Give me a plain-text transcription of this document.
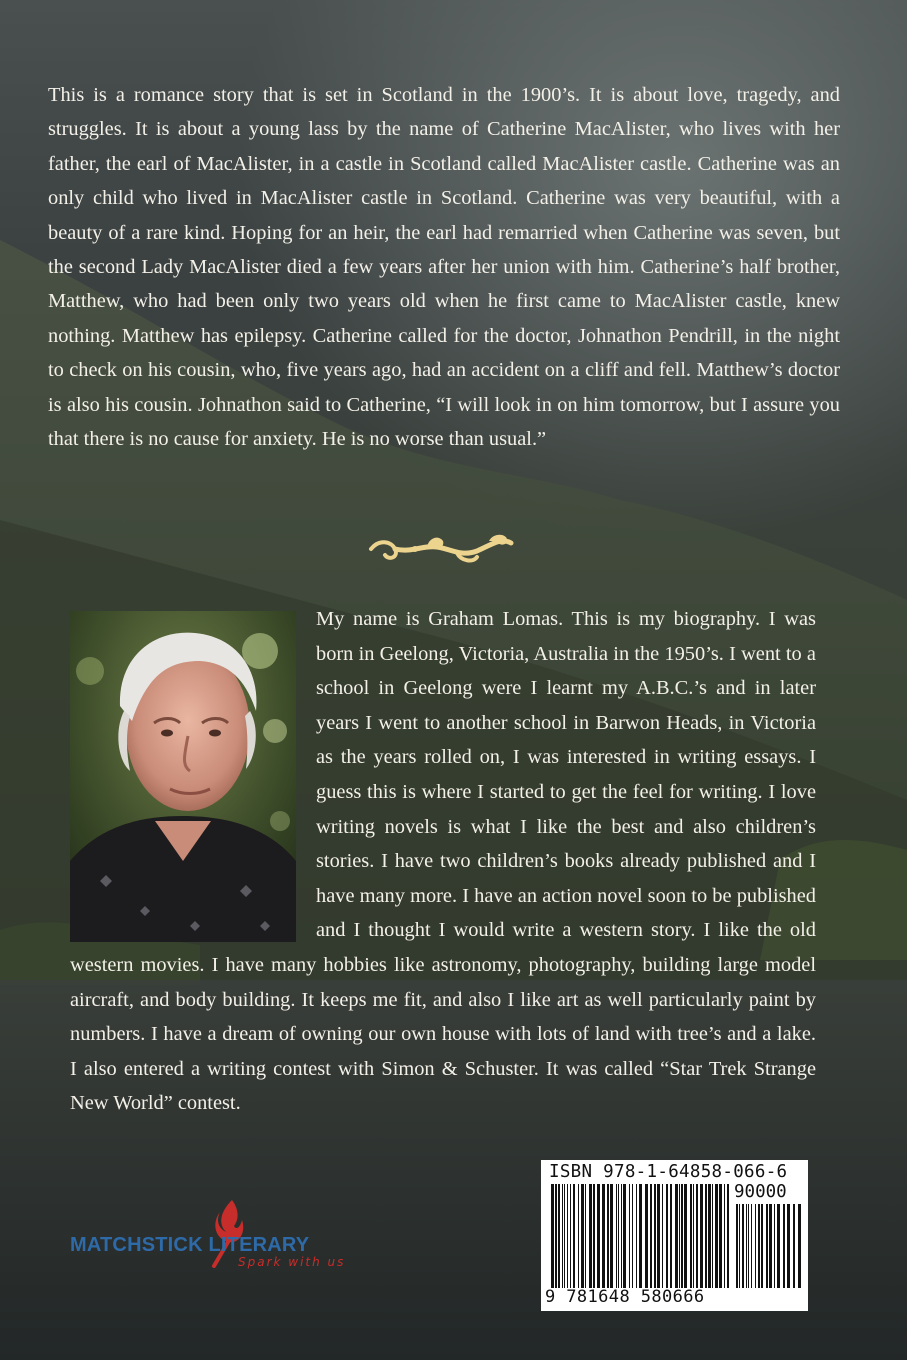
This is a romance story that is set in Scotland in the 1900’s. It is about love, tragedy, and struggles. It is about a young lass by the name of Catherine MacAlister, who lives with her father, the earl of MacAlister, in a castle in Scotland called MacAlister castle. Catherine was an only child who lived in MacAlister castle in Scotland. Catherine was very beautiful, with a beauty of a rare kind. Hoping for an heir, the earl had remarried when Catherine was seven, but the second Lady MacAlister died a few years after her union with him. Catherine’s half brother, Matthew, who had been only two years old when he first came to MacAlister castle, knew nothing. Matthew has epilepsy. Catherine called for the doctor, Johnathon Pendrill, in the night to check on his cousin, who, five years ago, had an accident on a cliff and fell. Matthew’s doctor is also his cousin. Johnathon said to Catherine, “I will look in on him tomorrow, but I assure you that there is no cause for anxiety. He is no worse than usual.”

My name is Graham Lomas. This is my biography. I was born in Geelong, Victoria, Australia in the 1950’s. I went to a school in Geelong were I learnt my A.B.C.’s and in later years I went to another school in Barwon Heads, in Victoria as the years rolled on, I was interested in writing essays. I guess this is where I started to get the feel for writing. I love writing novels is what I like the best and also children’s stories. I have two children’s books already published and I have many more. I have an action novel soon to be published and I thought I would write a western story. I like the old western movies. I have many hobbies like astronomy, photography, building large model aircraft, and body building. It keeps me fit, and also I like art as well particularly paint by numbers. I have a dream of owning our own house with lots of land with tree’s and a lake. I also entered a writing contest with Simon & Schuster. It was called “Star Trek Strange New World” contest.

MATCHSTICK LITERARY
Spark with us
ISBN 978-1-64858-066-6
90000
9 781648 580666
